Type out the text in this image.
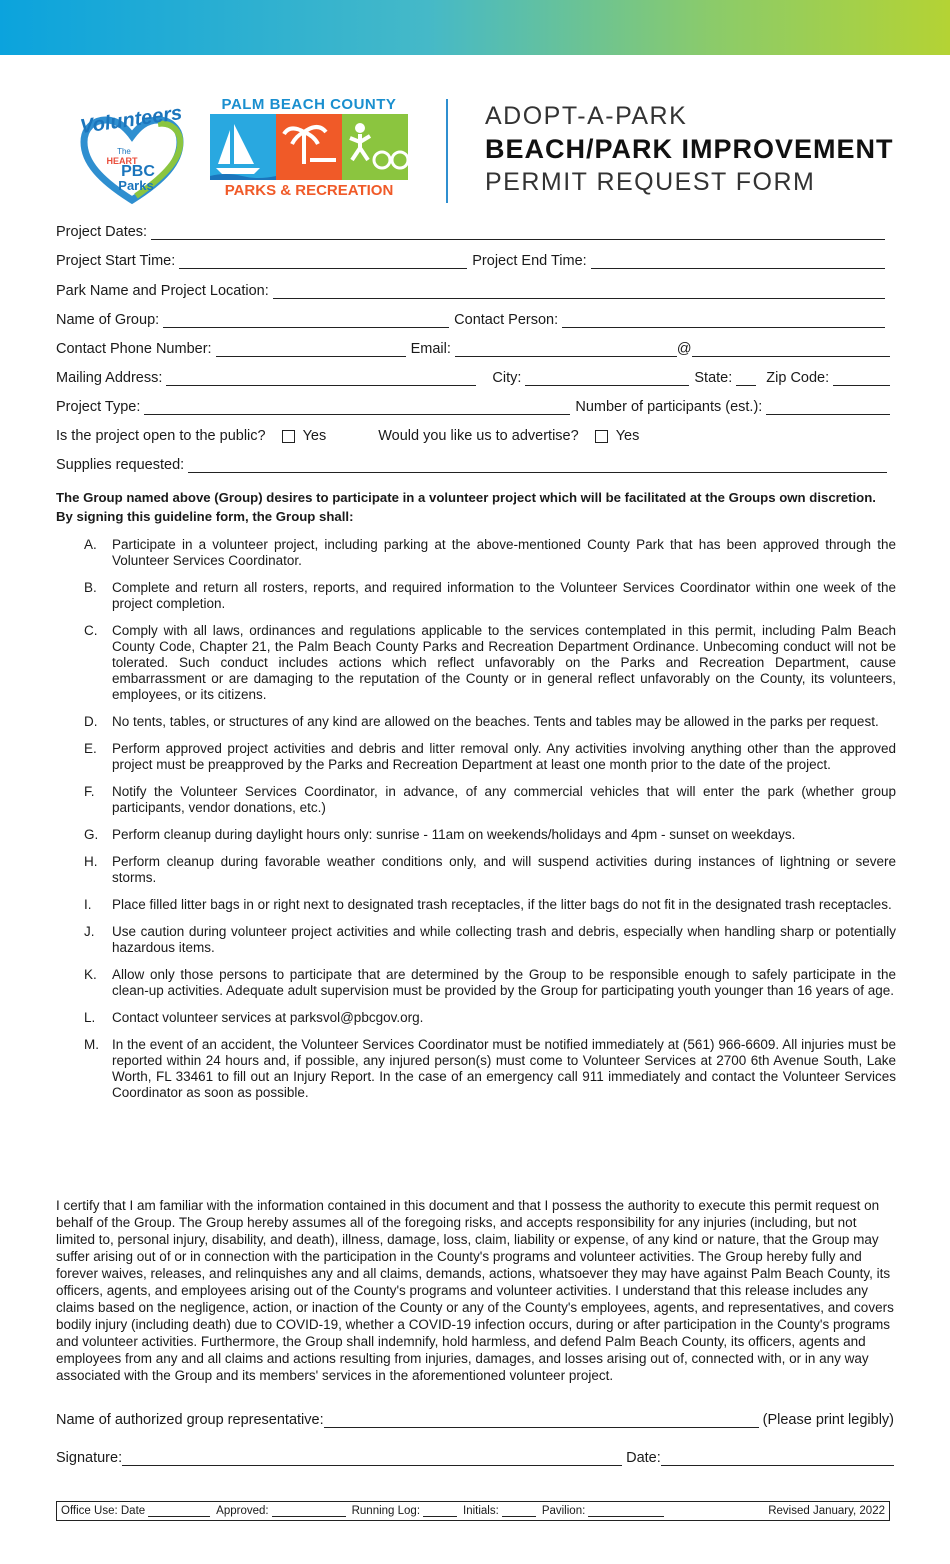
Volunteers
The
HEART
PBC
Parks
PALM BEACH COUNTY
PARKS & RECREATION
ADOPT-A-PARK
BEACH/PARK IMPROVEMENT
PERMIT REQUEST FORM
Project Dates:
Project Start Time:	Project End Time:
Park Name and Project Location:
Name of Group:	Contact Person:
Contact Phone Number:	Email:	@
Mailing Address:	City:	State: Zip Code:
Project Type:	Number of participants (est.):
Is the project open to the public?	Yes	Would you like us to advertise?	Yes
Supplies requested:
The Group named above (Group) desires to participate in a volunteer project which will be facilitated at the Groups own discretion. By signing this guideline form, the Group shall:
A. Participate in a volunteer project, including parking at the above-mentioned County Park that has been approved through the Volunteer Services Coordinator.
B. Complete and return all rosters, reports, and required information to the Volunteer Services Coordinator within one week of the project completion.
C. Comply with all laws, ordinances and regulations applicable to the services contemplated in this permit, including Palm Beach County Code, Chapter 21, the Palm Beach County Parks and Recreation Department Ordinance. Unbecoming conduct will not be tolerated. Such conduct includes actions which reflect unfavorably on the Parks and Recreation Department, cause embarrassment or are damaging to the reputation of the County or in general reflect unfavorably on the County, its volunteers, employees, or its citizens.
D. No tents, tables, or structures of any kind are allowed on the beaches. Tents and tables may be allowed in the parks per request.
E. Perform approved project activities and debris and litter removal only. Any activities involving anything other than the approved project must be preapproved by the Parks and Recreation Department at least one month prior to the date of the project.
F. Notify the Volunteer Services Coordinator, in advance, of any commercial vehicles that will enter the park (whether group participants, vendor donations, etc.)
G. Perform cleanup during daylight hours only: sunrise - 11am on weekends/holidays and 4pm - sunset on weekdays.
H. Perform cleanup during favorable weather conditions only, and will suspend activities during instances of lightning or severe storms.
I. Place filled litter bags in or right next to designated trash receptacles, if the litter bags do not fit in the designated trash receptacles.
J. Use caution during volunteer project activities and while collecting trash and debris, especially when handling sharp or potentially hazardous items.
K. Allow only those persons to participate that are determined by the Group to be responsible enough to safely participate in the clean-up activities. Adequate adult supervision must be provided by the Group for participating youth younger than 16 years of age.
L. Contact volunteer services at parksvol@pbcgov.org.
M. In the event of an accident, the Volunteer Services Coordinator must be notified immediately at (561) 966-6609. All injuries must be reported within 24 hours and, if possible, any injured person(s) must come to Volunteer Services at 2700 6th Avenue South, Lake Worth, FL 33461 to fill out an Injury Report. In the case of an emergency call 911 immediately and contact the Volunteer Services Coordinator as soon as possible.
I certify that I am familiar with the information contained in this document and that I possess the authority to execute this permit request on behalf of the Group. The Group hereby assumes all of the foregoing risks, and accepts responsibility for any injuries (including, but not limited to, personal injury, disability, and death), illness, damage, loss, claim, liability or expense, of any kind or nature, that the Group may suffer arising out of or in connection with the participation in the County's programs and volunteer activities. The Group hereby fully and forever waives, releases, and relinquishes any and all claims, demands, actions, whatsoever they may have against Palm Beach County, its officers, agents, and employees arising out of the County's programs and volunteer activities. I understand that this release includes any claims based on the negligence, action, or inaction of the County or any of the County's employees, agents, and representatives, and covers bodily injury (including death) due to COVID-19, whether a COVID-19 infection occurs, during or after participation in the County's programs and volunteer activities. Furthermore, the Group shall indemnify, hold harmless, and defend Palm Beach County, its officers, agents and employees from any and all claims and actions resulting from injuries, damages, and losses arising out of, connected with, or in any way associated with the Group and its members' services in the aforementioned volunteer project.
Name of authorized group representative:	(Please print legibly)
Signature:	Date:
Office Use: Date	Approved:	Running Log:	Initials:	Pavilion:	Revised January, 2022
